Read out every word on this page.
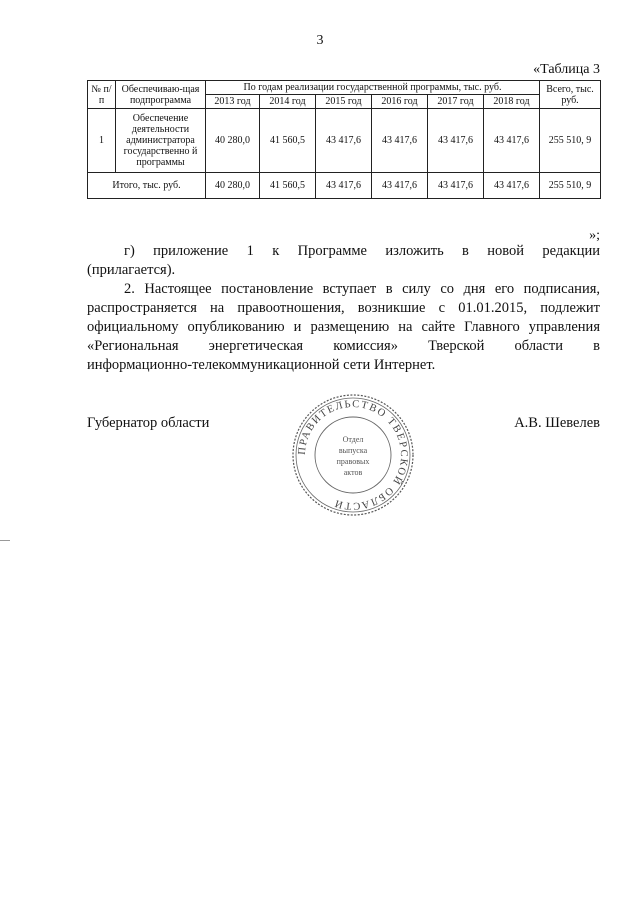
3
«Таблица 3
№ п/п	Обеспечиваю-щая подпрограмма	По годам реализации государственной программы, тыс. руб.						Всего, тыс. руб.
		2013 год	2014 год	2015 год	2016 год	2017 год	2018 год	
1	Обеспечение деятельности администратора государственно й программы	40 280,0	41 560,5	43 417,6	43 417,6	43 417,6	43 417,6	255 510, 9
Итого, тыс. руб.		40 280,0	41 560,5	43 417,6	43 417,6	43 417,6	43 417,6	255 510, 9
»;
г) приложение 1 к Программе изложить в новой редакции
(прилагается).
2. Настоящее постановление вступает в силу со дня его подписания,
распространяется на правоотношения, возникшие с 01.01.2015, подлежит
официальному опубликованию и размещению на сайте Главного управления
«Региональная энергетическая комиссия» Тверской области в
информационно-телекоммуникационной сети Интернет.
Губернатор области
ПРАВИТЕЛЬСТВО ТВЕРСКОЙ ОБЛАСТИ
Отдел
выпуска
правовых
актов
А.В. Шевелев
